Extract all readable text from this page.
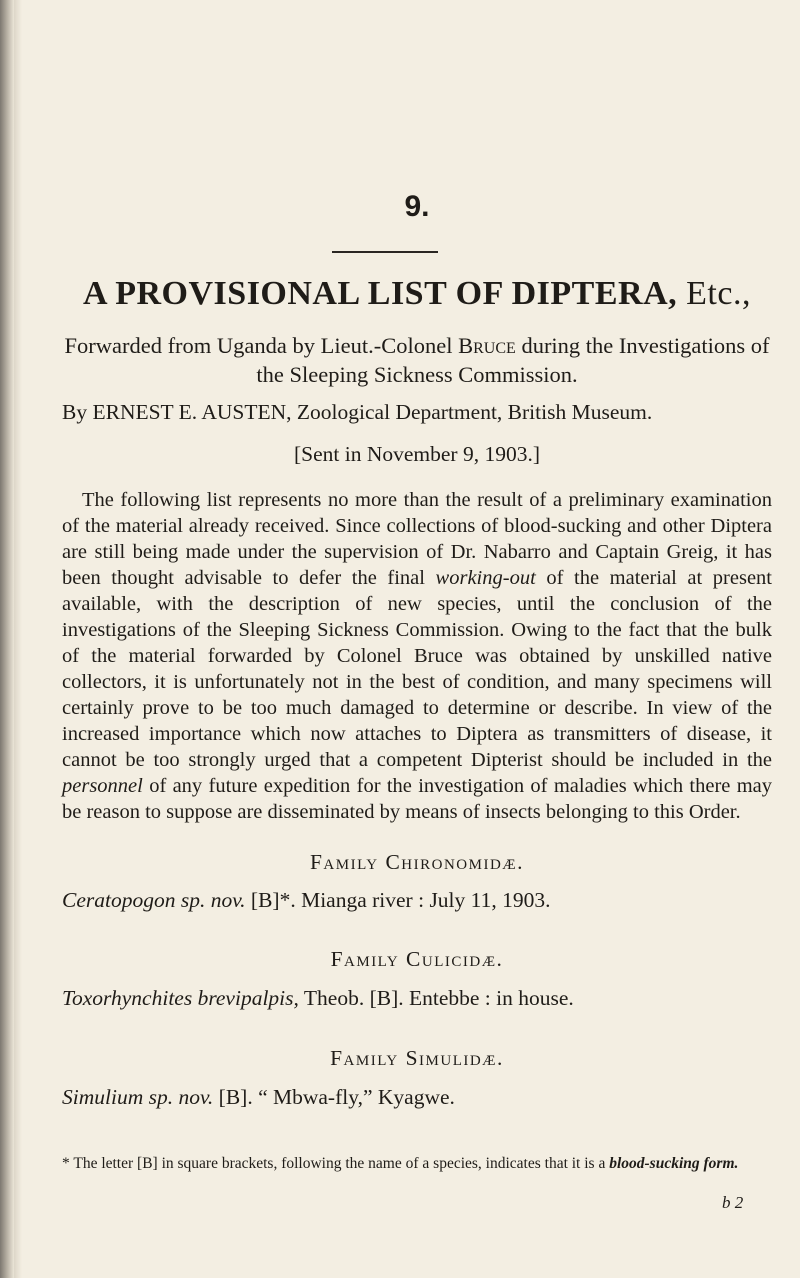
9.
A PROVISIONAL LIST OF DIPTERA, Etc.,
Forwarded from Uganda by Lieut.-Colonel Bruce during the Investigations of the Sleeping Sickness Commission.
By ERNEST E. AUSTEN, Zoological Department, British Museum.
[Sent in November 9, 1903.]

The following list represents no more than the result of a preliminary examination of the material already received. Since collections of blood-sucking and other Diptera are still being made under the supervision of Dr. Nabarro and Captain Greig, it has been thought advisable to defer the final working-out of the material at present available, with the description of new species, until the conclusion of the investigations of the Sleeping Sickness Commission. Owing to the fact that the bulk of the material forwarded by Colonel Bruce was obtained by unskilled native collectors, it is unfortunately not in the best of condition, and many specimens will certainly prove to be too much damaged to determine or describe. In view of the increased importance which now attaches to Diptera as transmitters of disease, it cannot be too strongly urged that a competent Dipterist should be included in the personnel of any future expedition for the investigation of maladies which there may be reason to suppose are disseminated by means of insects belonging to this Order.

Family Chironomidæ.
Ceratopogon sp. nov. [B]*. Mianga river : July 11, 1903.
Family Culicidæ.
Toxorhynchites brevipalpis, Theob. [B]. Entebbe : in house.
Family Simulidæ.
Simulium sp. nov. [B]. “ Mbwa-fly,” Kyagwe.
* The letter [B] in square brackets, following the name of a species, indicates that it is a blood-sucking form.
b 2
